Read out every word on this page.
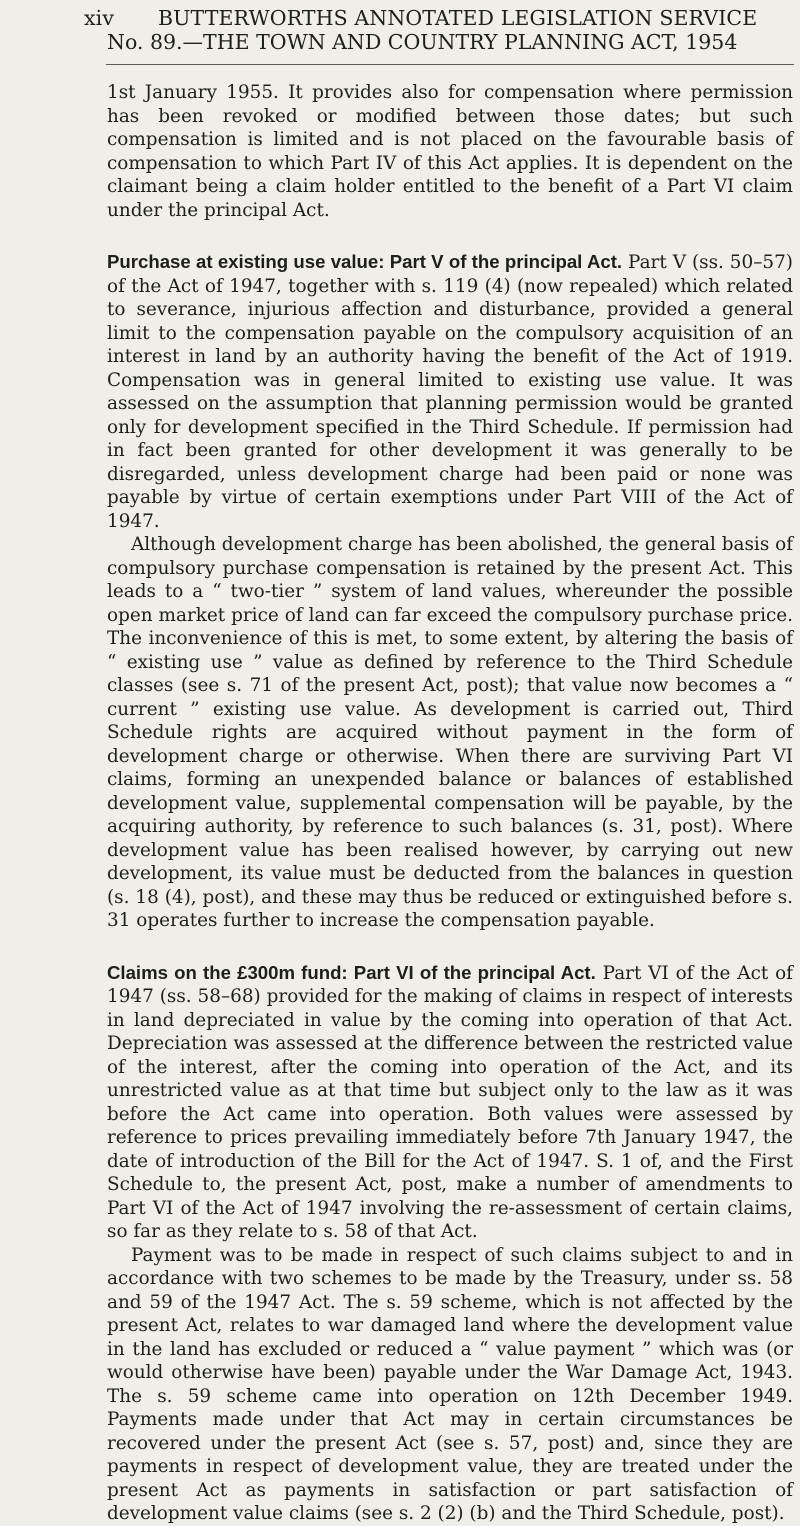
xiv BUTTERWORTHS ANNOTATED LEGISLATION SERVICE
No. 89.—THE TOWN AND COUNTRY PLANNING ACT, 1954

1st January 1955. It provides also for compensation where permission has been revoked or modified between those dates; but such compensation is limited and is not placed on the favourable basis of compensation to which Part IV of this Act applies. It is dependent on the claimant being a claim holder entitled to the benefit of a Part VI claim under the principal Act.

Purchase at existing use value: Part V of the principal Act. Part V (ss. 50–57) of the Act of 1947, together with s. 119 (4) (now repealed) which related to severance, injurious affection and disturbance, provided a general limit to the compensation payable on the compulsory acquisition of an interest in land by an authority having the benefit of the Act of 1919. Compensation was in general limited to existing use value. It was assessed on the assumption that planning permission would be granted only for development specified in the Third Schedule. If permission had in fact been granted for other development it was generally to be disregarded, unless development charge had been paid or none was payable by virtue of certain exemptions under Part VIII of the Act of 1947.

Although development charge has been abolished, the general basis of compulsory purchase compensation is retained by the present Act. This leads to a “ two-tier ” system of land values, whereunder the possible open market price of land can far exceed the compulsory purchase price. The inconvenience of this is met, to some extent, by altering the basis of “ existing use ” value as defined by reference to the Third Schedule classes (see s. 71 of the present Act, post); that value now becomes a “ current ” existing use value. As development is carried out, Third Schedule rights are acquired without payment in the form of development charge or otherwise. When there are surviving Part VI claims, forming an unexpended balance or balances of established development value, supplemental compensation will be payable, by the acquiring authority, by reference to such balances (s. 31, post). Where development value has been realised however, by carrying out new development, its value must be deducted from the balances in question (s. 18 (4), post), and these may thus be reduced or extinguished before s. 31 operates further to increase the compensation payable.

Claims on the £300m fund: Part VI of the principal Act. Part VI of the Act of 1947 (ss. 58–68) provided for the making of claims in respect of interests in land depreciated in value by the coming into operation of that Act. Depreciation was assessed at the difference between the restricted value of the interest, after the coming into operation of the Act, and its unrestricted value as at that time but subject only to the law as it was before the Act came into operation. Both values were assessed by reference to prices prevailing immediately before 7th January 1947, the date of introduction of the Bill for the Act of 1947. S. 1 of, and the First Schedule to, the present Act, post, make a number of amendments to Part VI of the Act of 1947 involving the re-assessment of certain claims, so far as they relate to s. 58 of that Act.

Payment was to be made in respect of such claims subject to and in accordance with two schemes to be made by the Treasury, under ss. 58 and 59 of the 1947 Act. The s. 59 scheme, which is not affected by the present Act, relates to war damaged land where the development value in the land has excluded or reduced a “ value payment ” which was (or would otherwise have been) payable under the War Damage Act, 1943. The s. 59 scheme came into operation on 12th December 1949. Payments made under that Act may in certain circumstances be recovered under the present Act (see s. 57, post) and, since they are payments in respect of development value, they are treated under the present Act as payments in satisfaction or part satisfaction of development value claims (see s. 2 (2) (b) and the Third Schedule, post).
